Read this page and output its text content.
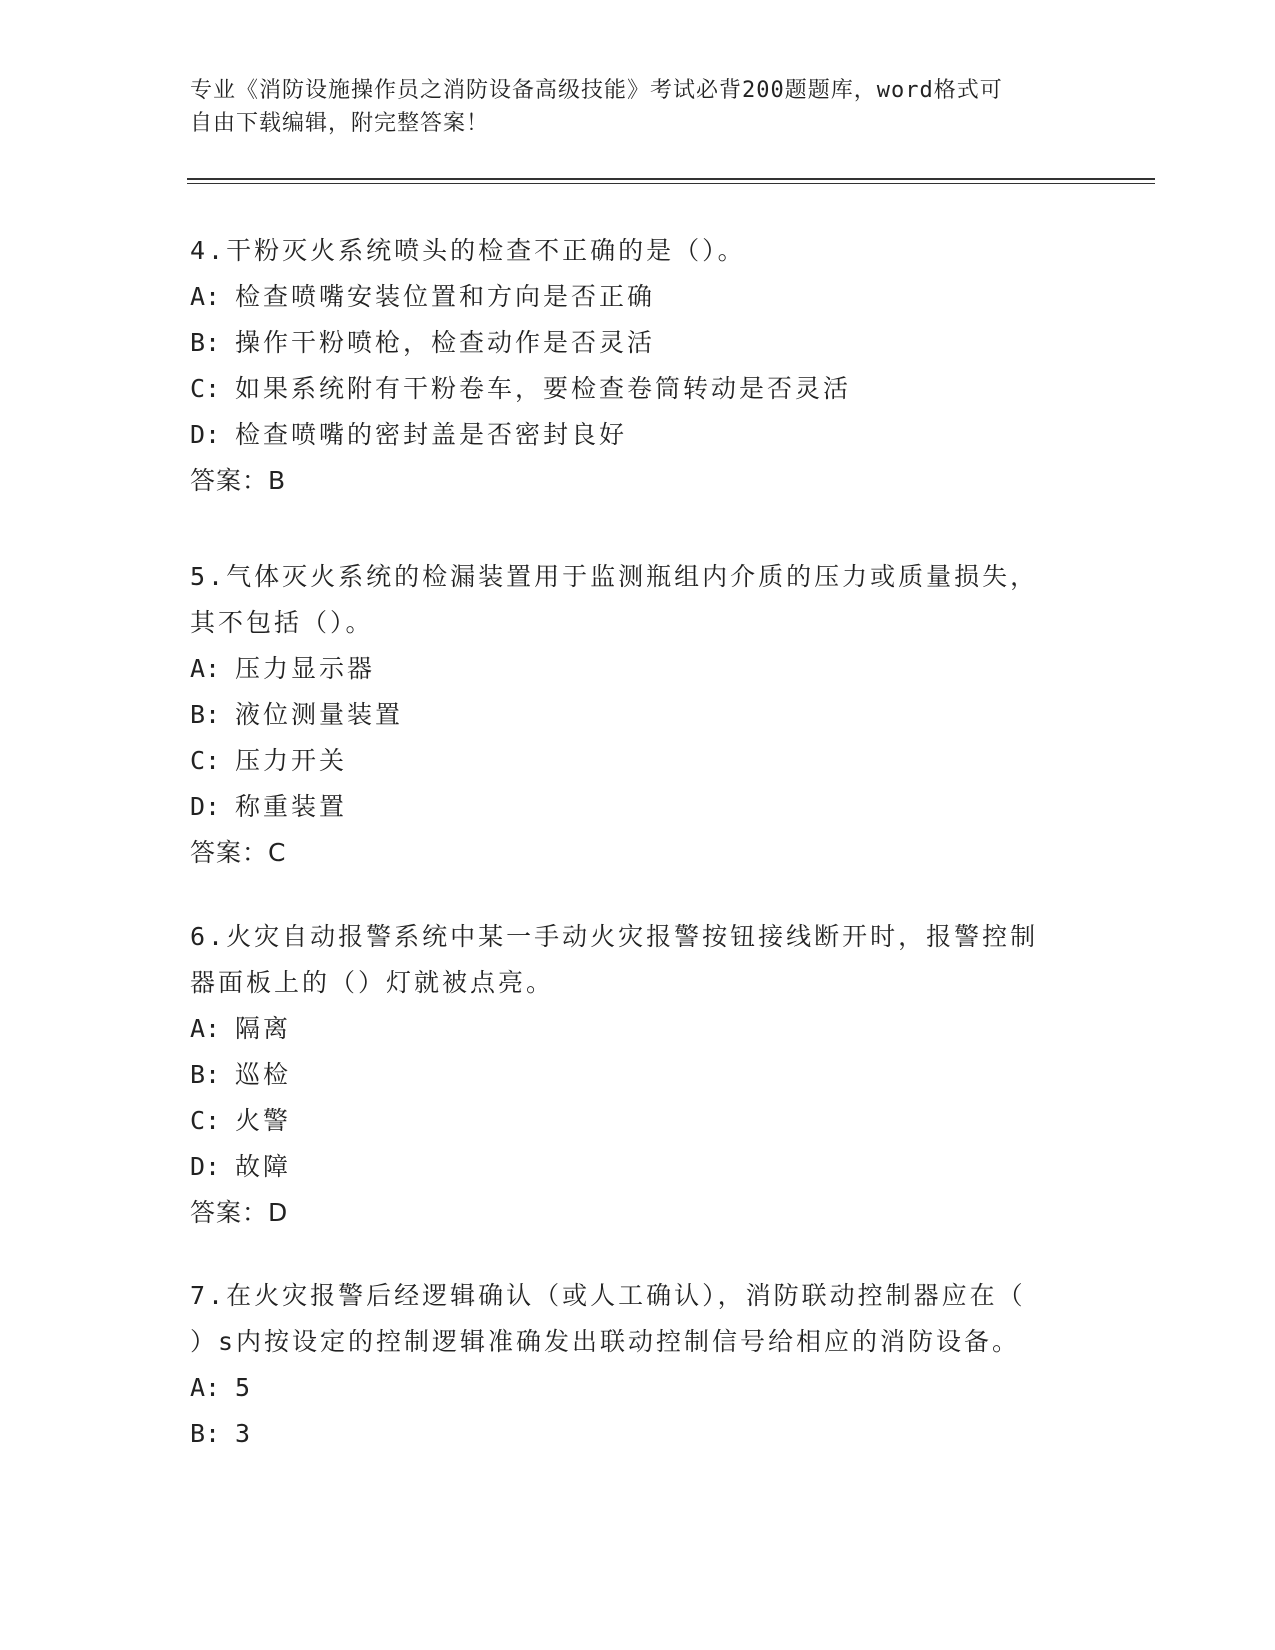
专业《消防设施操作员之消防设备高级技能》考试必背200题题库，word格式可
自由下载编辑，附完整答案！
4.干粉灭火系统喷头的检查不正确的是（）。
A: 检查喷嘴安装位置和方向是否正确
B: 操作干粉喷枪，检查动作是否灵活
C: 如果系统附有干粉卷车，要检查卷筒转动是否灵活
D: 检查喷嘴的密封盖是否密封良好
答案：B
5.气体灭火系统的检漏装置用于监测瓶组内介质的压力或质量损失，
其不包括（）。
A: 压力显示器
B: 液位测量装置
C: 压力开关
D: 称重装置
答案：C
6.火灾自动报警系统中某一手动火灾报警按钮接线断开时，报警控制
器面板上的（）灯就被点亮。
A: 隔离
B: 巡检
C: 火警
D: 故障
答案：D
7.在火灾报警后经逻辑确认（或人工确认），消防联动控制器应在（
）s内按设定的控制逻辑准确发出联动控制信号给相应的消防设备。
A: 5
B: 3
